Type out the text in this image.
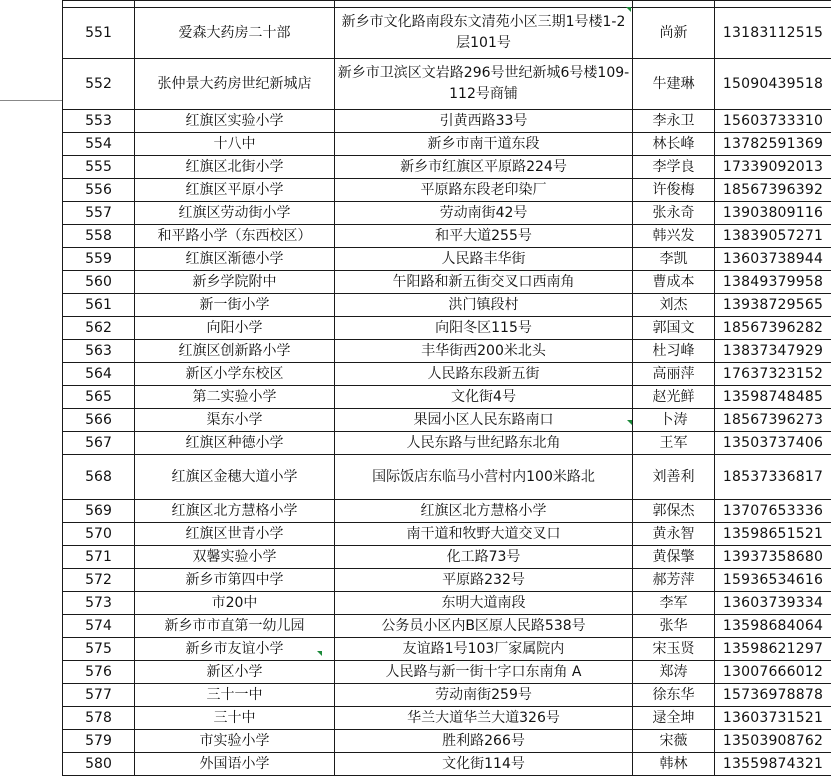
551	爱森大药房二十部	新乡市文化路南段东文清苑小区三期1号楼1-2层101号	尚新	13183112515
552	张仲景大药房世纪新城店	新乡市卫滨区文岩路296号世纪新城6号楼109-112号商铺	牛建琳	15090439518
553	红旗区实验小学	引黄西路33号	李永卫	15603733310
554	十八中	新乡市南干道东段	林长峰	13782591369
555	红旗区北街小学	新乡市红旗区平原路224号	李学良	17339092013
556	红旗区平原小学	平原路东段老印染厂	许俊梅	18567396392
557	红旗区劳动街小学	劳动南街42号	张永奇	13903809116
558	和平路小学（东西校区）	和平大道255号	韩兴发	13839057271
559	红旗区渐德小学	人民路丰华街	李凯	13603738944
560	新乡学院附中	午阳路和新五街交叉口西南角	曹成本	13849379958
561	新一街小学	洪门镇段村	刘杰	13938729565
562	向阳小学	向阳冬区115号	郭国文	18567396282
563	红旗区创新路小学	丰华街西200米北头	杜习峰	13837347929
564	新区小学东校区	人民路东段新五街	高丽萍	17637323152
565	第二实验小学	文化街4号	赵光鲜	13598748485
566	渠东小学	果园小区人民东路南口	卜涛	18567396273
567	红旗区种德小学	人民东路与世纪路东北角	王军	13503737406
568	红旗区金穗大道小学	国际饭店东临马小营村内100米路北	刘善利	18537336817
569	红旗区北方慧格小学	红旗区北方慧格小学	郭保杰	13707653336
570	红旗区世青小学	南干道和牧野大道交叉口	黄永智	13598651521
571	双馨实验小学	化工路73号	黄保擎	13937358680
572	新乡市第四中学	平原路232号	郝芳萍	15936534616
573	市20中	东明大道南段	李军	13603739334
574	新乡市市直第一幼儿园	公务员小区内B区原人民路538号	张华	13598684064
575	新乡市友谊小学	友谊路1号103厂家属院内	宋玉贤	13598621297
576	新区小学	人民路与新一街十字口东南角 A	郑涛	13007666012
577	三十一中	劳动南街259号	徐东华	15736978878
578	三十中	华兰大道华兰大道326号	逯全坤	13603731521
579	市实验小学	胜利路266号	宋薇	13503908762
580	外国语小学	文化街114号	韩林	13559874321
